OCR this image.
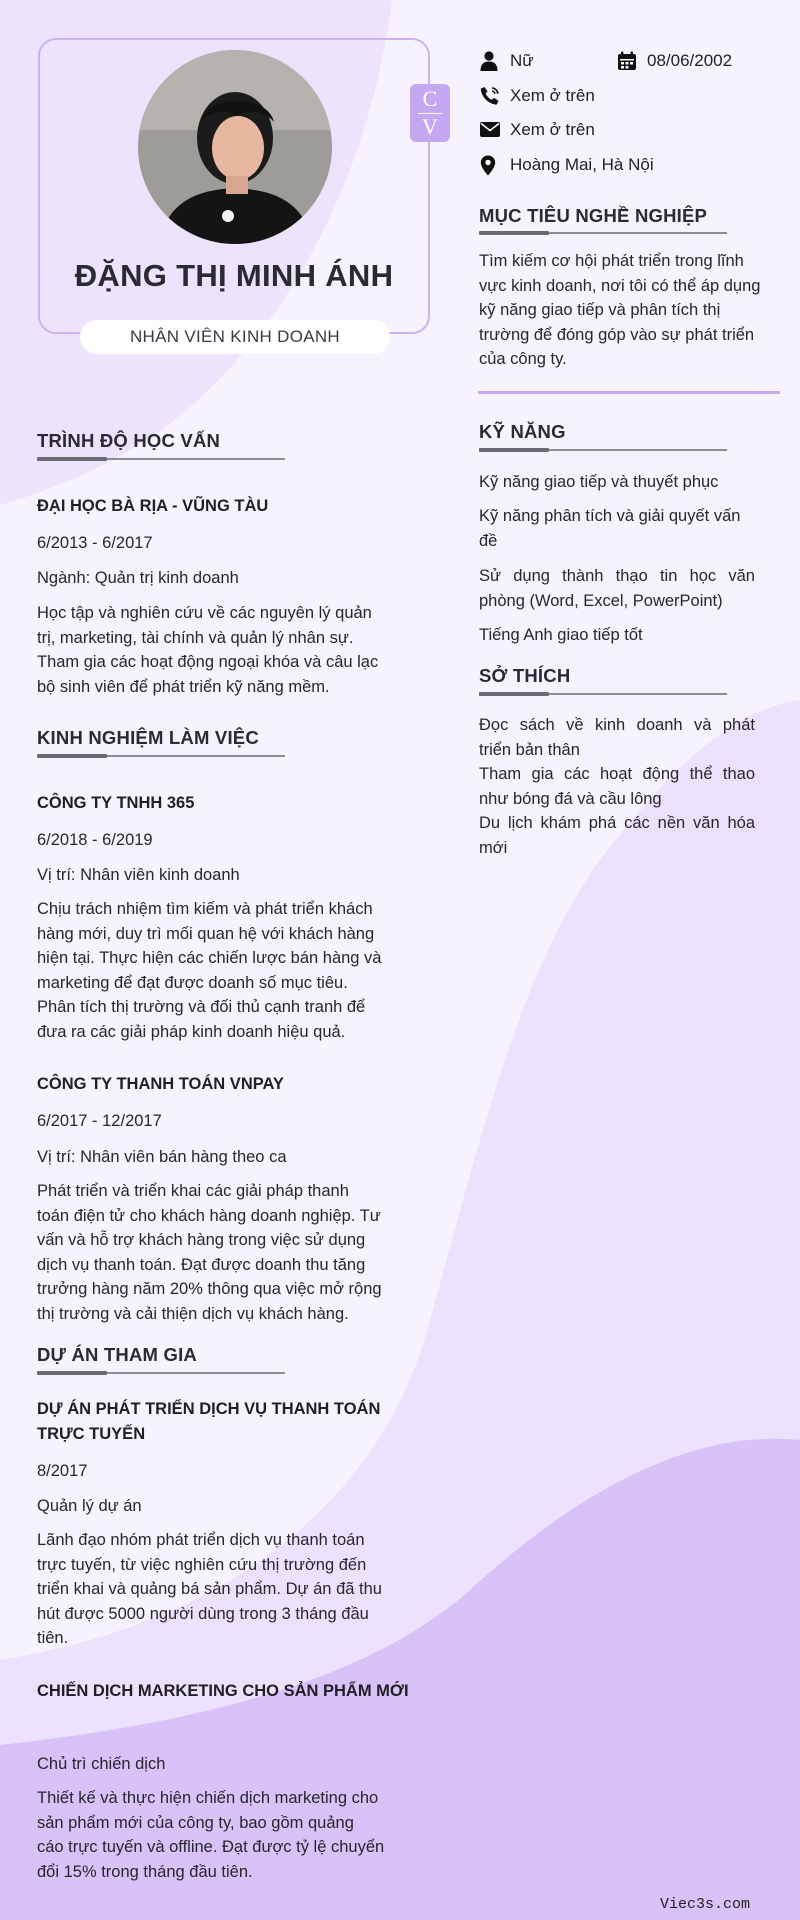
ĐẶNG THỊ MINH ÁNH
NHÂN VIÊN KINH DOANH
C
V
Nữ	08/06/2002
Xem ở trên
Xem ở trên
Hoàng Mai, Hà Nội
MỤC TIÊU NGHỀ NGHIỆP
Tìm kiếm cơ hội phát triển trong lĩnh
vực kinh doanh, nơi tôi có thể áp dụng
kỹ năng giao tiếp và phân tích thị
trường để đóng góp vào sự phát triển
của công ty.
KỸ NĂNG
Kỹ năng giao tiếp và thuyết phục
Kỹ năng phân tích và giải quyết vấn
đề
Sử dụng thành thạo tin học văn
phòng (Word, Excel, PowerPoint)
Tiếng Anh giao tiếp tốt
SỞ THÍCH
Đọc sách về kinh doanh và phát
triển bản thân
Tham gia các hoạt động thể thao
như bóng đá và cầu lông
Du lịch khám phá các nền văn hóa
mới
TRÌNH ĐỘ HỌC VẤN
ĐẠI HỌC BÀ RỊA - VŨNG TÀU
6/2013 - 6/2017
Ngành: Quản trị kinh doanh
Học tập và nghiên cứu về các nguyên lý quản
trị, marketing, tài chính và quản lý nhân sự.
Tham gia các hoạt động ngoại khóa và câu lạc
bộ sinh viên để phát triển kỹ năng mềm.
KINH NGHIỆM LÀM VIỆC
CÔNG TY TNHH 365
6/2018 - 6/2019
Vị trí: Nhân viên kinh doanh
Chịu trách nhiệm tìm kiếm và phát triển khách
hàng mới, duy trì mối quan hệ với khách hàng
hiện tại. Thực hiện các chiến lược bán hàng và
marketing để đạt được doanh số mục tiêu.
Phân tích thị trường và đối thủ cạnh tranh để
đưa ra các giải pháp kinh doanh hiệu quả.
CÔNG TY THANH TOÁN VNPAY
6/2017 - 12/2017
Vị trí: Nhân viên bán hàng theo ca
Phát triển và triển khai các giải pháp thanh
toán điện tử cho khách hàng doanh nghiệp. Tư
vấn và hỗ trợ khách hàng trong việc sử dụng
dịch vụ thanh toán. Đạt được doanh thu tăng
trưởng hàng năm 20% thông qua việc mở rộng
thị trường và cải thiện dịch vụ khách hàng.
DỰ ÁN THAM GIA
DỰ ÁN PHÁT TRIỂN DỊCH VỤ THANH TOÁN
TRỰC TUYẾN
8/2017
Quản lý dự án
Lãnh đạo nhóm phát triển dịch vụ thanh toán
trực tuyến, từ việc nghiên cứu thị trường đến
triển khai và quảng bá sản phẩm. Dự án đã thu
hút được 5000 người dùng trong 3 tháng đầu
tiên.
CHIẾN DỊCH MARKETING CHO SẢN PHẨM MỚI
Chủ trì chiến dịch
Thiết kế và thực hiện chiến dịch marketing cho
sản phẩm mới của công ty, bao gồm quảng
cáo trực tuyến và offline. Đạt được tỷ lệ chuyển
đổi 15% trong tháng đầu tiên.
Viec3s.com
